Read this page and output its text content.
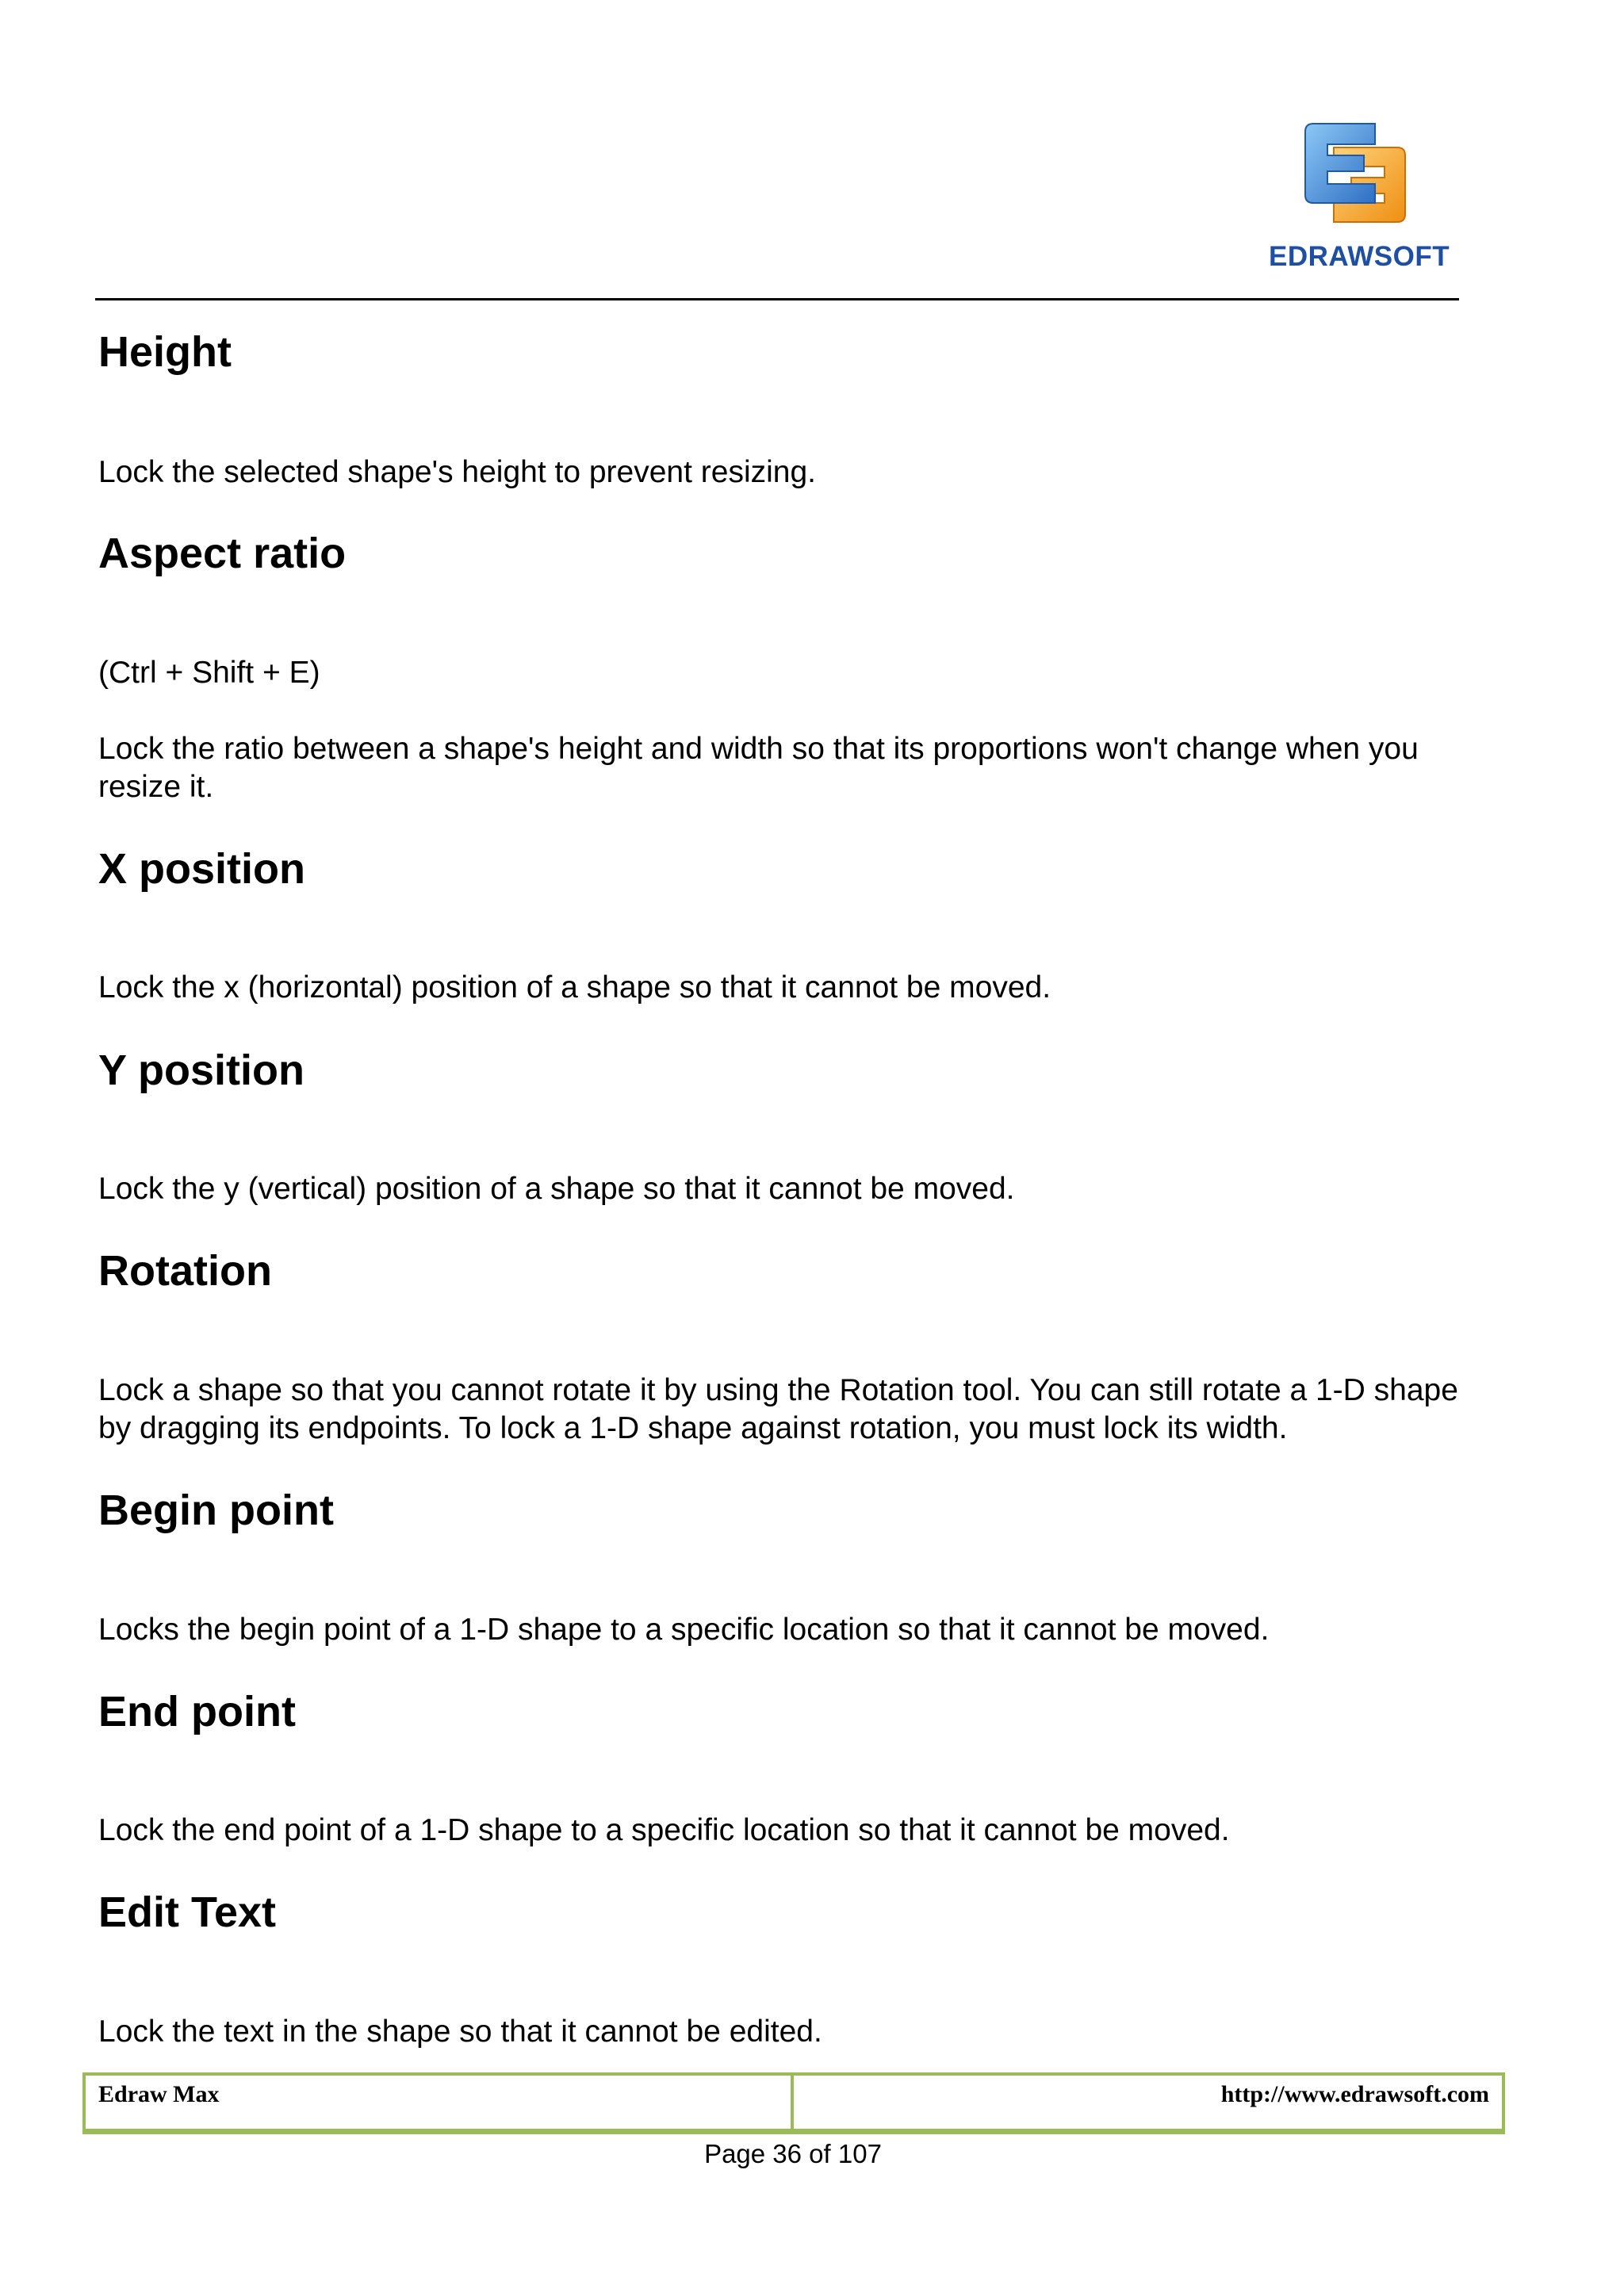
EDRAWSOFT
Height

Lock the selected shape's height to prevent resizing.

Aspect ratio

(Ctrl + Shift + E)

Lock the ratio between a shape's height and width so that its proportions won't change when you resize it.

X position

Lock the x (horizontal) position of a shape so that it cannot be moved.

Y position

Lock the y (vertical) position of a shape so that it cannot be moved.

Rotation

Lock a shape so that you cannot rotate it by using the Rotation tool. You can still rotate a 1-D shape by dragging its endpoints. To lock a 1-D shape against rotation, you must lock its width.

Begin point

Locks the begin point of a 1-D shape to a specific location so that it cannot be moved.

End point

Lock the end point of a 1-D shape to a specific location so that it cannot be moved.

Edit Text

Lock the text in the shape so that it cannot be edited.

Edraw Max	http://www.edrawsoft.com
Page 36 of 107
